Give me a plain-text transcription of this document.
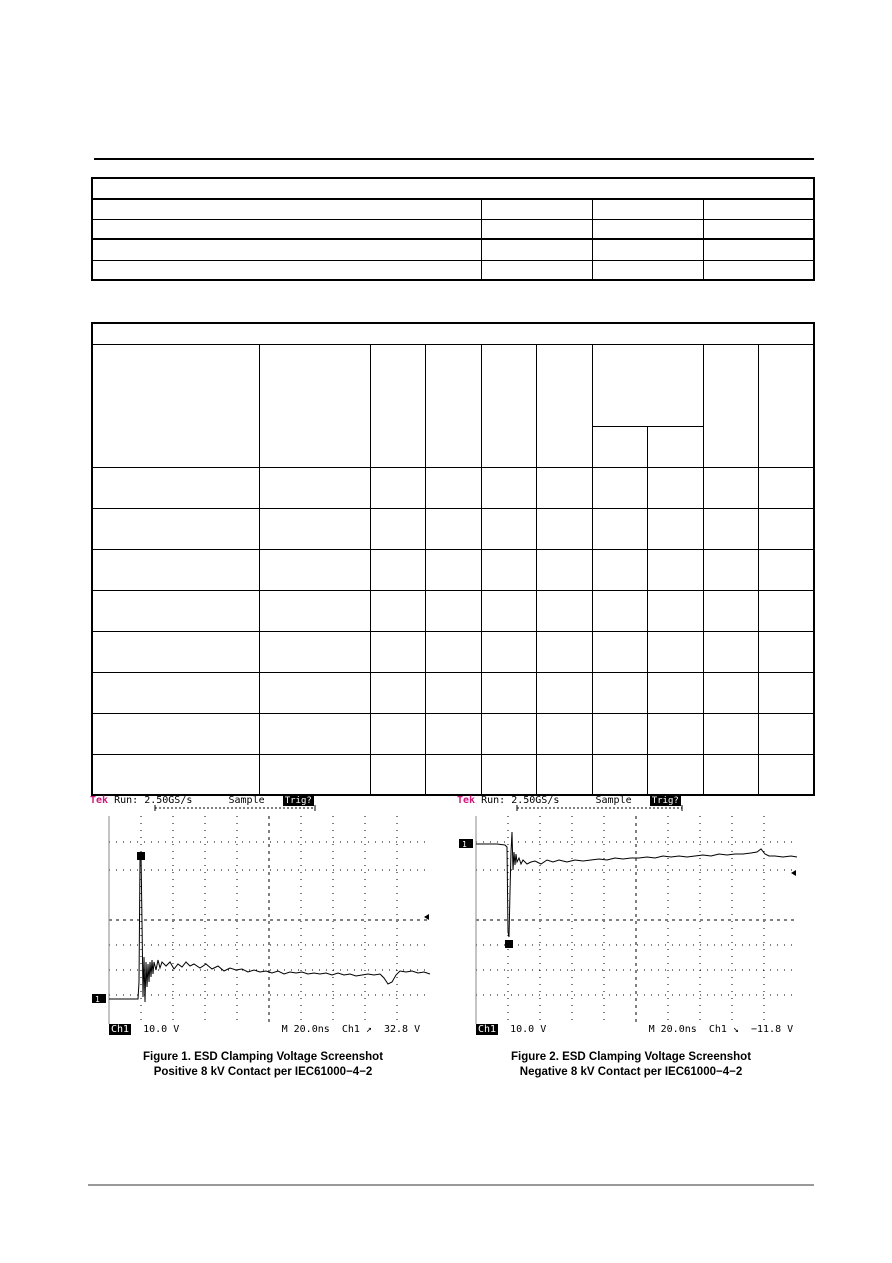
Tek Run: 2.50GS/s	Sample Trig?
1
Ch1 10.0 V	M 20.0ns Ch1 ↗ 32.8 V
Figure 1. ESD Clamping Voltage Screenshot
Positive 8 kV Contact per IEC61000−4−2
Tek Run: 2.50GS/s	Sample Trig?
1
Ch1 10.0 V	M 20.0ns Ch1 ↘ −11.8 V
Figure 2. ESD Clamping Voltage Screenshot
Negative 8 kV Contact per IEC61000−4−2
